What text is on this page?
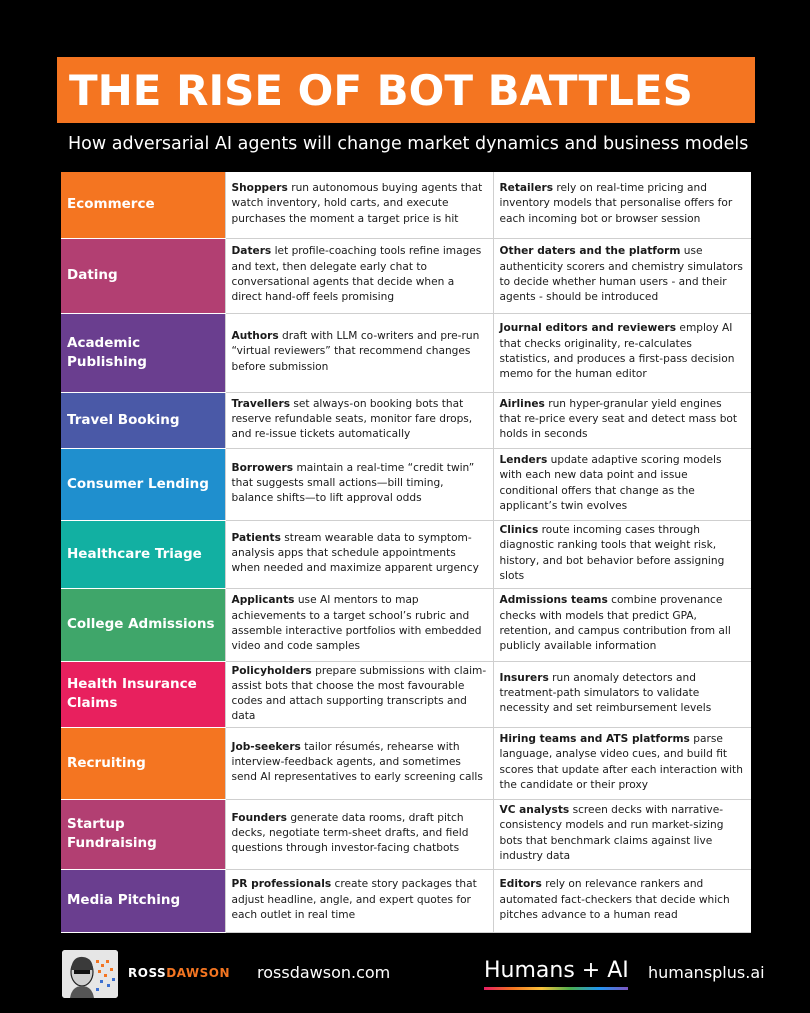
THE RISE OF BOT BATTLES
How adversarial AI agents will change market dynamics and business models
Ecommerce	Shoppers run autonomous buying agents that watch inventory, hold carts, and execute purchases the moment a target price is hit	Retailers rely on real-time pricing and inventory models that personalise offers for each incoming bot or browser session

Dating	Daters let profile-coaching tools refine images and text, then delegate early chat to conversational agents that decide when a direct hand-off feels promising	Other daters and the platform use authenticity scorers and chemistry simulators to decide whether human users - and their agents - should be introduced

Academic Publishing	Authors draft with LLM co-writers and pre-run “virtual reviewers” that recommend changes before submission	Journal editors and reviewers employ AI that checks originality, re-calculates statistics, and produces a first-pass decision memo for the human editor

Travel Booking	Travellers set always-on booking bots that reserve refundable seats, monitor fare drops, and re-issue tickets automatically	Airlines run hyper-granular yield engines that re-price every seat and detect mass bot holds in seconds

Consumer Lending	Borrowers maintain a real-time “credit twin” that suggests small actions—bill timing, balance shifts—to lift approval odds	Lenders update adaptive scoring models with each new data point and issue conditional offers that change as the applicant’s twin evolves

Healthcare Triage	Patients stream wearable data to symptom-analysis apps that schedule appointments when needed and maximize apparent urgency	Clinics route incoming cases through diagnostic ranking tools that weight risk, history, and bot behavior before assigning slots

College Admissions	Applicants use AI mentors to map achievements to a target school’s rubric and assemble interactive portfolios with embedded video and code samples	Admissions teams combine provenance checks with models that predict GPA, retention, and campus contribution from all publicly available information

Health Insurance Claims	Policyholders prepare submissions with claim-assist bots that choose the most favourable codes and attach supporting transcripts and data	Insurers run anomaly detectors and treatment-path simulators to validate necessity and set reimbursement levels

Recruiting	Job-seekers tailor résumés, rehearse with interview-feedback agents, and sometimes send AI representatives to early screening calls	Hiring teams and ATS platforms parse language, analyse video cues, and build fit scores that update after each interaction with the candidate or their proxy

Startup Fundraising	Founders generate data rooms, draft pitch decks, negotiate term-sheet drafts, and field questions through investor-facing chatbots	VC analysts screen decks with narrative-consistency models and run market-sizing bots that benchmark claims against live industry data

Media Pitching	PR professionals create story packages that adjust headline, angle, and expert quotes for each outlet in real time	Editors rely on relevance rankers and automated fact-checkers that decide which pitches advance to a human read
ROSSDAWSON rossdawson.com	Humans + AI humansplus.ai
